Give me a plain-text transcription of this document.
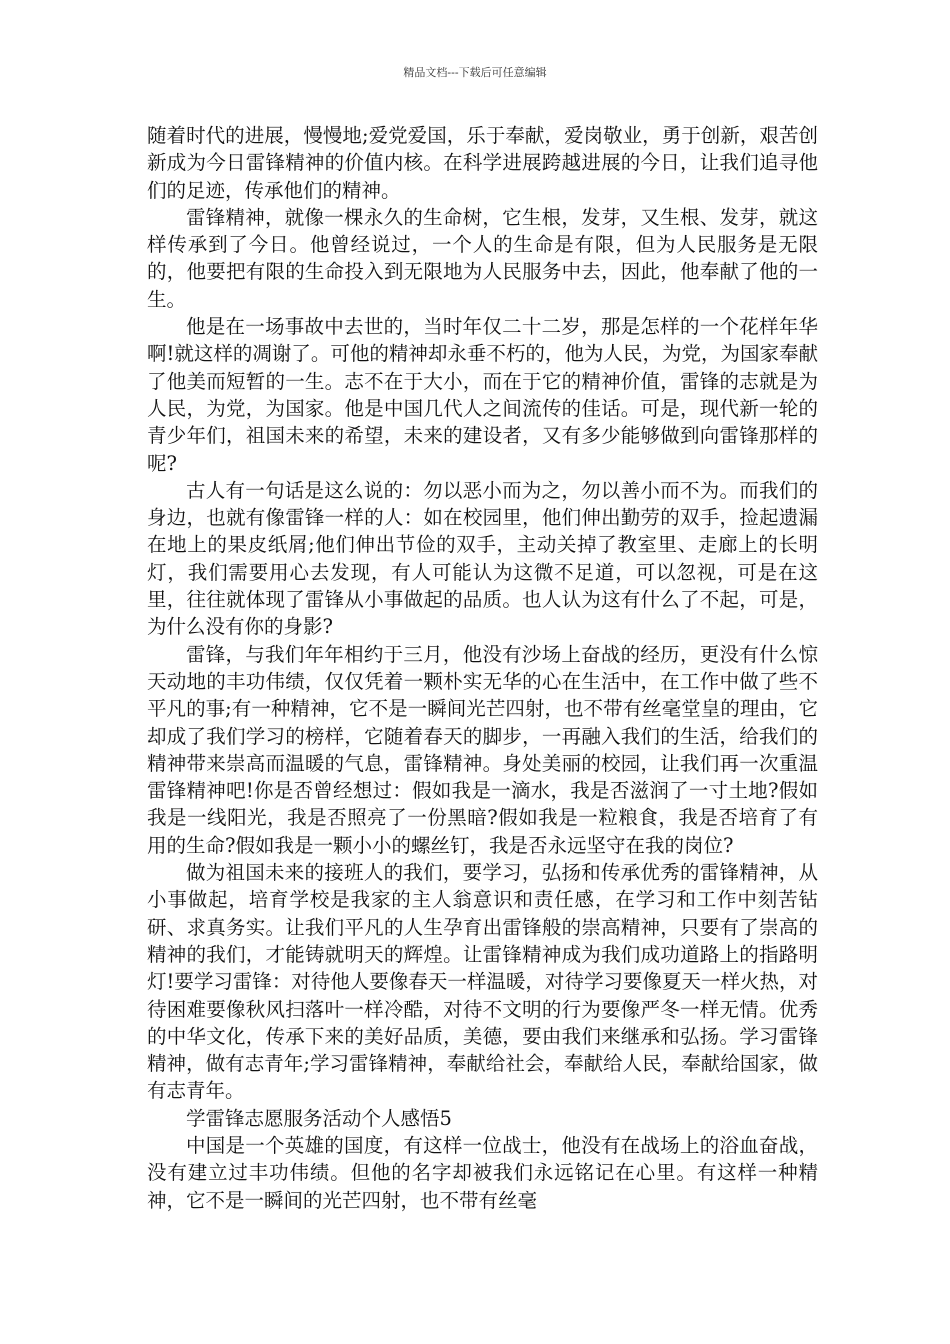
精品文档---下载后可任意编辑

随着时代的进展，慢慢地;爱党爱国，乐于奉献，爱岗敬业，勇于创新，艰苦创新成为今日雷锋精神的价值内核。在科学进展跨越进展的今日，让我们追寻他们的足迹，传承他们的精神。

雷锋精神，就像一棵永久的生命树，它生根，发芽，又生根、发芽，就这样传承到了今日。他曾经说过，一个人的生命是有限，但为人民服务是无限的，他要把有限的生命投入到无限地为人民服务中去，因此，他奉献了他的一生。

他是在一场事故中去世的，当时年仅二十二岁，那是怎样的一个花样年华啊!就这样的凋谢了。可他的精神却永垂不朽的，他为人民，为党，为国家奉献了他美而短暂的一生。志不在于大小，而在于它的精神价值，雷锋的志就是为人民，为党，为国家。他是中国几代人之间流传的佳话。可是，现代新一轮的青少年们，祖国未来的希望，未来的建设者，又有多少能够做到向雷锋那样的呢?

古人有一句话是这么说的：勿以恶小而为之，勿以善小而不为。而我们的身边，也就有像雷锋一样的人：如在校园里，他们伸出勤劳的双手，捡起遗漏在地上的果皮纸屑;他们伸出节俭的双手，主动关掉了教室里、走廊上的长明灯，我们需要用心去发现，有人可能认为这微不足道，可以忽视，可是在这里，往往就体现了雷锋从小事做起的品质。也人认为这有什么了不起，可是，为什么没有你的身影?

雷锋，与我们年年相约于三月，他没有沙场上奋战的经历，更没有什么惊天动地的丰功伟绩，仅仅凭着一颗朴实无华的心在生活中，在工作中做了些不平凡的事;有一种精神，它不是一瞬间光芒四射，也不带有丝毫堂皇的理由，它却成了我们学习的榜样，它随着春天的脚步，一再融入我们的生活，给我们的精神带来崇高而温暖的气息，雷锋精神。身处美丽的校园，让我们再一次重温雷锋精神吧!你是否曾经想过：假如我是一滴水，我是否滋润了一寸土地?假如我是一线阳光，我是否照亮了一份黑暗?假如我是一粒粮食，我是否培育了有用的生命?假如我是一颗小小的螺丝钉，我是否永远坚守在我的岗位?

做为祖国未来的接班人的我们，要学习，弘扬和传承优秀的雷锋精神，从小事做起，培育学校是我家的主人翁意识和责任感，在学习和工作中刻苦钻研、求真务实。让我们平凡的人生孕育出雷锋般的崇高精神，只要有了崇高的精神的我们，才能铸就明天的辉煌。让雷锋精神成为我们成功道路上的指路明灯!要学习雷锋：对待他人要像春天一样温暖，对待学习要像夏天一样火热，对待困难要像秋风扫落叶一样冷酷，对待不文明的行为要像严冬一样无情。优秀的中华文化，传承下来的美好品质，美德，要由我们来继承和弘扬。学习雷锋精神，做有志青年;学习雷锋精神，奉献给社会，奉献给人民，奉献给国家，做有志青年。

学雷锋志愿服务活动个人感悟5

中国是一个英雄的国度，有这样一位战士，他没有在战场上的浴血奋战，没有建立过丰功伟绩。但他的名字却被我们永远铭记在心里。有这样一种精神，它不是一瞬间的光芒四射，也不带有丝毫
